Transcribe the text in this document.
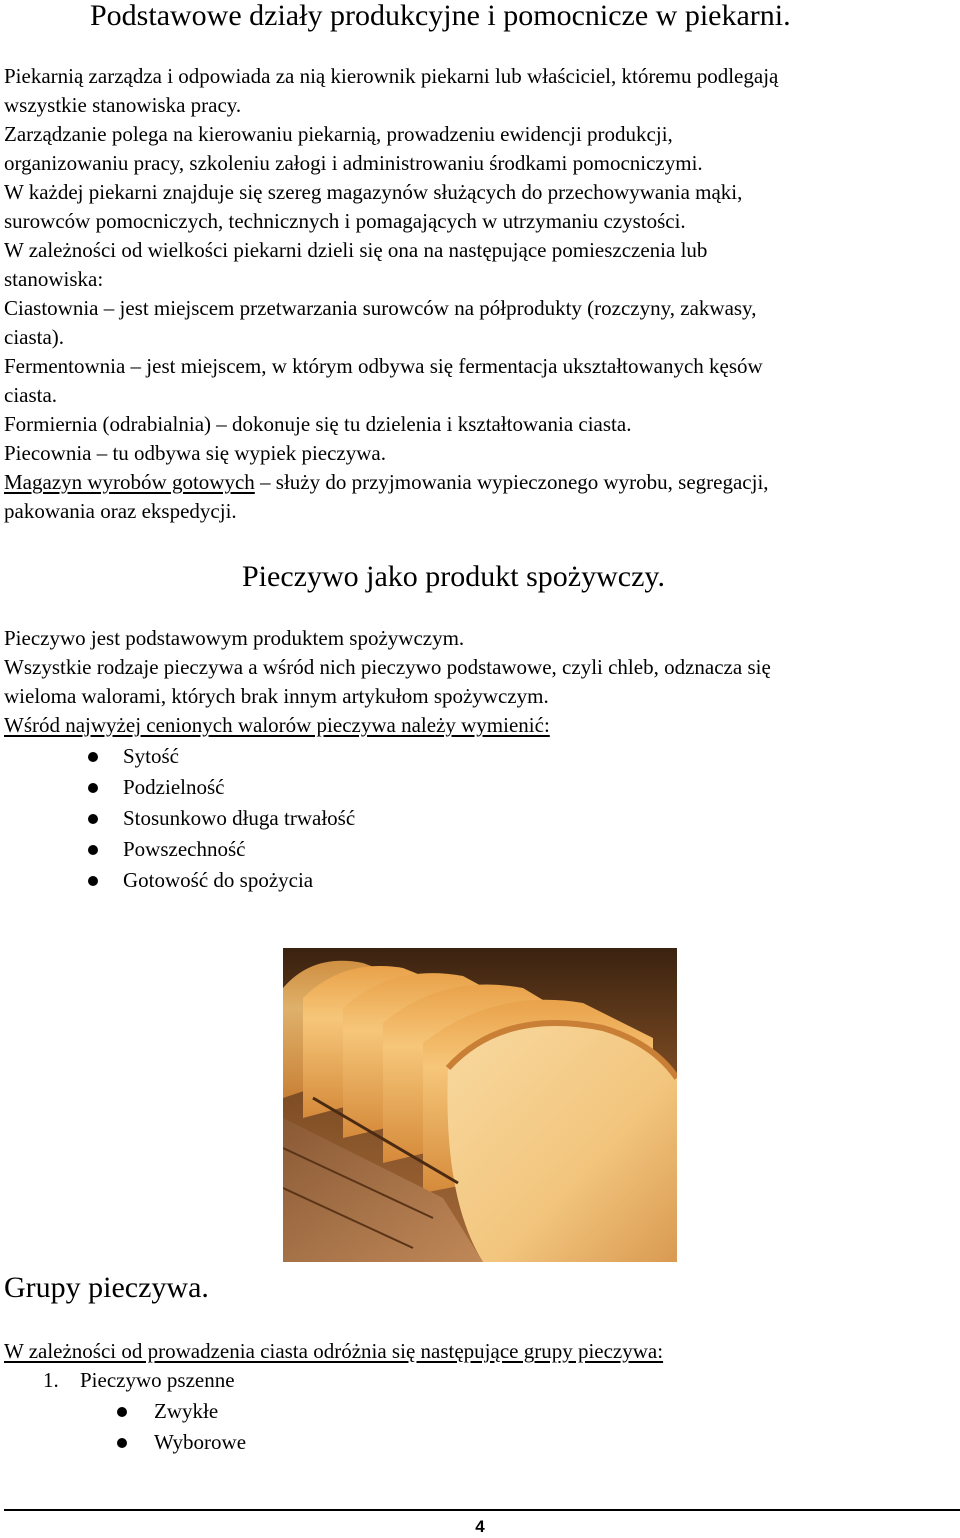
Podstawowe działy produkcyjne i pomocnicze w piekarni.
Piekarnią zarządza i odpowiada za nią kierownik piekarni lub właściciel, któremu podlegają
wszystkie stanowiska pracy.
Zarządzanie polega na kierowaniu piekarnią, prowadzeniu ewidencji produkcji,
organizowaniu pracy, szkoleniu załogi i administrowaniu środkami pomocniczymi.
W każdej piekarni znajduje się szereg magazynów służących do przechowywania mąki,
surowców pomocniczych, technicznych i pomagających w utrzymaniu czystości.
W zależności od wielkości piekarni dzieli się ona na następujące pomieszczenia lub
stanowiska:
Ciastownia – jest miejscem przetwarzania surowców na półprodukty (rozczyny, zakwasy,
ciasta).
Fermentownia – jest miejscem, w którym odbywa się fermentacja ukształtowanych kęsów
ciasta.
Formiernia (odrabialnia) – dokonuje się tu dzielenia i kształtowania ciasta.
Piecownia – tu odbywa się wypiek pieczywa.
Magazyn wyrobów gotowych – służy do przyjmowania wypieczonego wyrobu, segregacji,
pakowania oraz ekspedycji.
Pieczywo jako produkt spożywczy.
Pieczywo jest podstawowym produktem spożywczym.
Wszystkie rodzaje pieczywa a wśród nich pieczywo podstawowe, czyli chleb, odznacza się
wieloma walorami, których brak innym artykułom spożywczym.
Wśród najwyżej cenionych walorów pieczywa należy wymienić:
Sytość
Podzielność
Stosunkowo długa trwałość
Powszechność
Gotowość do spożycia
Grupy pieczywa.
W zależności od prowadzenia ciasta odróżnia się następujące grupy pieczywa:
1. Pieczywo pszenne
Zwykłe
Wyborowe
4
